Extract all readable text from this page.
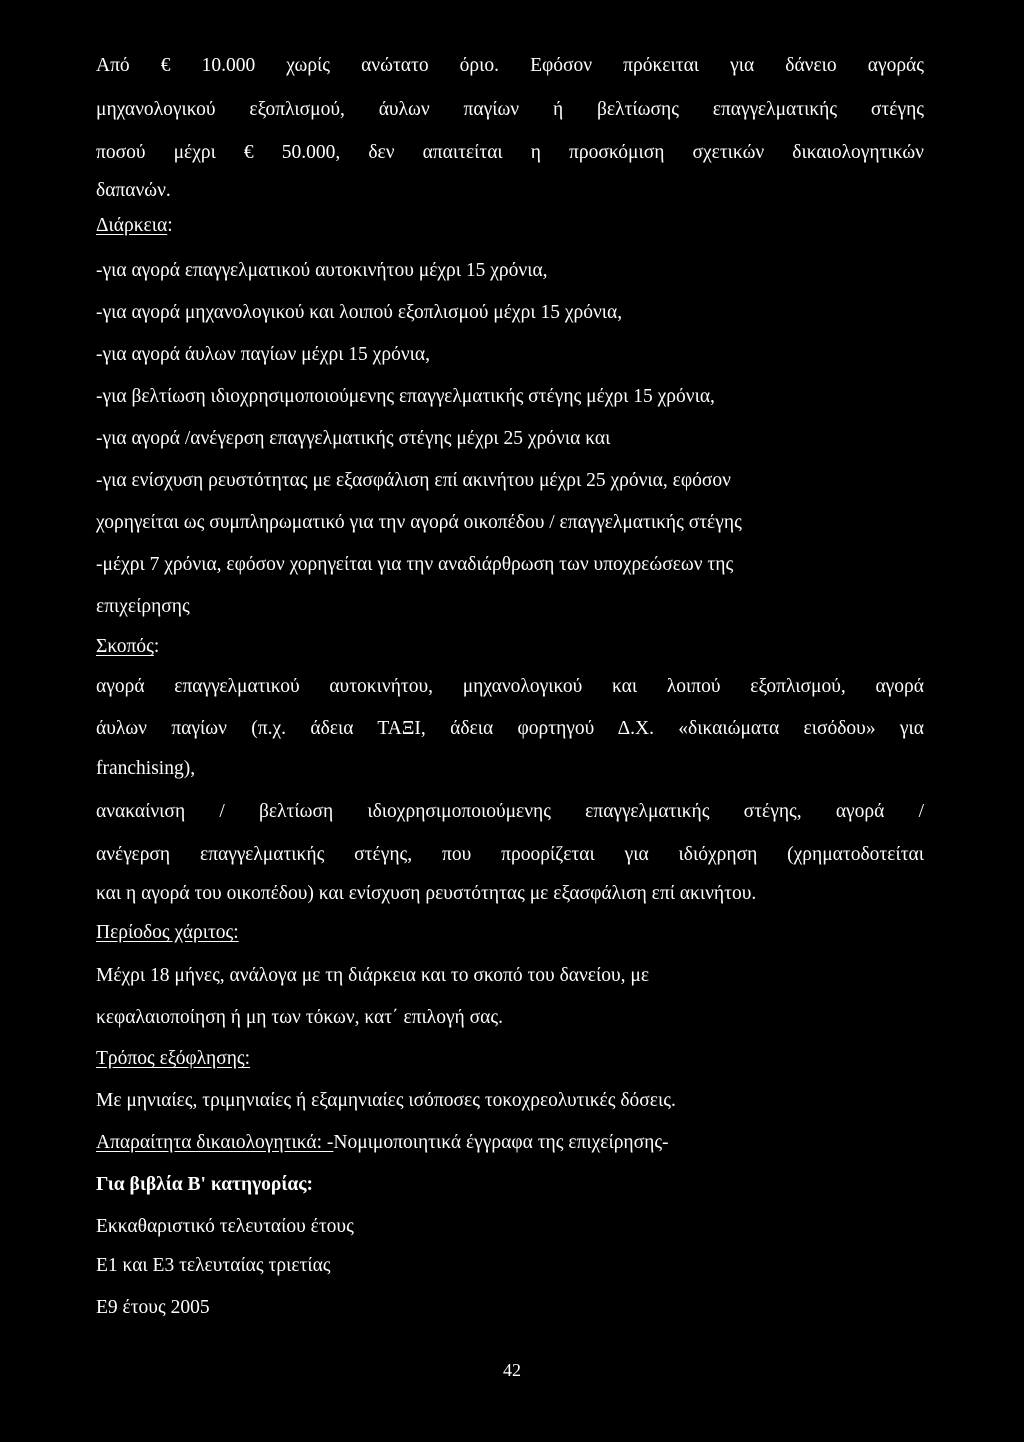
Από € 10.000 χωρίς ανώτατο όριο. Εφόσον πρόκειται για δάνειο αγοράς
μηχανολογικού εξοπλισμού, άυλων παγίων ή βελτίωσης επαγγελματικής στέγης
ποσού μέχρι € 50.000, δεν απαιτείται η προσκόμιση σχετικών δικαιολογητικών
δαπανών.
Διάρκεια:
-για αγορά επαγγελματικού αυτοκινήτου μέχρι 15 χρόνια,
-για αγορά μηχανολογικού και λοιπού εξοπλισμού μέχρι 15 χρόνια,
-για αγορά άυλων παγίων μέχρι 15 χρόνια,
-για βελτίωση ιδιοχρησιμοποιούμενης επαγγελματικής στέγης μέχρι 15 χρόνια,
-για αγορά /ανέγερση επαγγελματικής στέγης μέχρι 25 χρόνια και
-για ενίσχυση ρευστότητας με εξασφάλιση επί ακινήτου μέχρι 25 χρόνια, εφόσον
χορηγείται ως συμπληρωματικό για την αγορά οικοπέδου / επαγγελματικής στέγης
-μέχρι 7 χρόνια, εφόσον χορηγείται για την αναδιάρθρωση των υποχρεώσεων της
επιχείρησης
Σκοπός:
αγορά επαγγελματικού αυτοκινήτου, μηχανολογικού και λοιπού εξοπλισμού, αγορά
άυλων παγίων (π.χ. άδεια ΤΑΞΙ, άδεια φορτηγού Δ.Χ. «δικαιώματα εισόδου» για
franchising),
ανακαίνιση / βελτίωση ιδιοχρησιμοποιούμενης επαγγελματικής στέγης, αγορά /
ανέγερση επαγγελματικής στέγης, που προορίζεται για ιδιόχρηση (χρηματοδοτείται
και η αγορά του οικοπέδου) και ενίσχυση ρευστότητας με εξασφάλιση επί ακινήτου.
Περίοδος χάριτος:
Μέχρι 18 μήνες, ανάλογα με τη διάρκεια και το σκοπό του δανείου, με
κεφαλαιοποίηση ή μη των τόκων, κατ΄ επιλογή σας.
Τρόπος εξόφλησης:
Με μηνιαίες, τριμηνιαίες ή εξαμηνιαίες ισόποσες τοκοχρεολυτικές δόσεις.
Απαραίτητα δικαιολογητικά: -Νομιμοποιητικά έγγραφα της επιχείρησης-
Για βιβλία Β' κατηγορίας:
Εκκαθαριστικό τελευταίου έτους
Ε1 και Ε3 τελευταίας τριετίας
Ε9 έτους 2005
42
